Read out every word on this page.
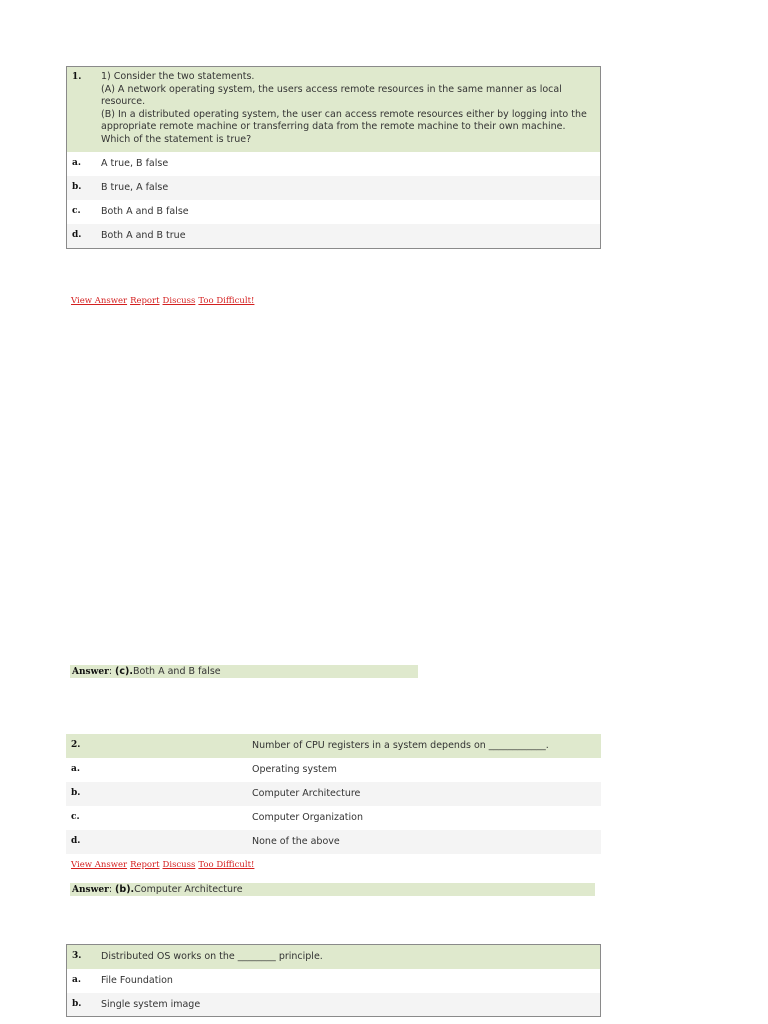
1.	1) Consider the two statements.
(A) A network operating system, the users access remote resources in the same manner as local resource.
(B) In a distributed operating system, the user can access remote resources either by logging into the appropriate remote machine or transferring data from the remote machine to their own machine. Which of the statement is true?

a.	A true, B false
b.	B true, A false
c.	Both A and B false
d.	Both A and B true
View Answer Report Discuss Too Difficult!
Answer: (c).Both A and B false
2.	Number of CPU registers in a system depends on ____________.
a.	Operating system
b.	Computer Architecture
c.	Computer Organization
d.	None of the above
View Answer Report Discuss Too Difficult!
Answer: (b).Computer Architecture
3.	Distributed OS works on the ________ principle.
a.	File Foundation
b.	Single system image
